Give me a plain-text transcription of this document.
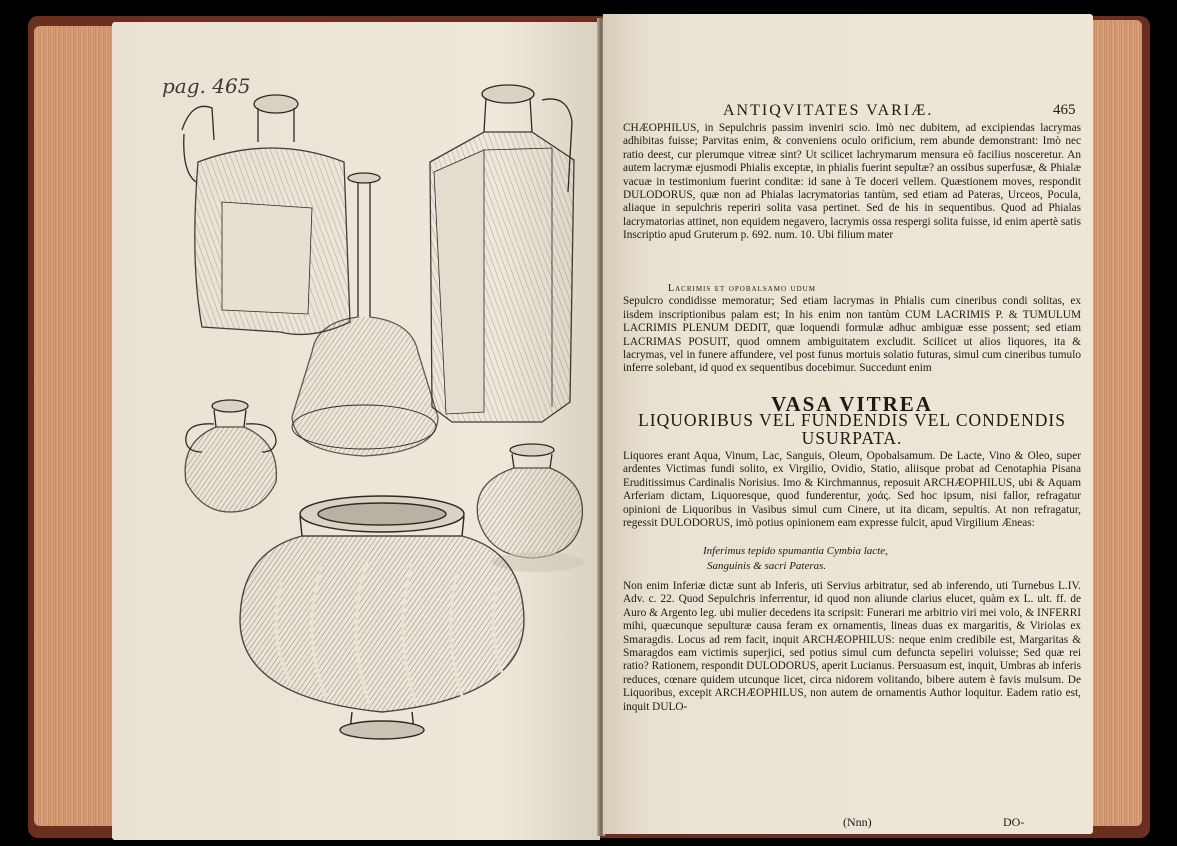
pag. 465
ANTIQVITATES VARIÆ.	465
CHÆOPHILUS, in Sepulchris passim inveniri scio. Imò nec dubitem, ad excipiendas lacrymas adhibitas fuisse; Parvitas enim, & conveniens oculo orificium, rem abunde demonstrant: Imò nec ratio deest, cur plerumque vitreæ sint? Ut scilicet lachrymarum mensura eò facilius nosceretur. An autem lacrymæ ejusmodi Phialis exceptæ, in phialis fuerint sepultæ? an ossibus superfusæ, & Phialæ vacuæ in testimonium fuerint conditæ: id sane à Te doceri vellem. Quæstionem moves, respondit DULODORUS, quæ non ad Phialas lacrymatorias tantùm, sed etiam ad Pateras, Urceos, Pocula, aliaque in sepulchris reperiri solita vasa pertinet. Sed de his in sequentibus. Quod ad Phialas lacrymatorias attinet, non equidem negavero, lacrymis ossa respergi solita fuisse, id enim apertè satis Inscriptio apud Gruterum p. 692. num. 10. Ubi filium mater
Lacrimis et opobalsamo udum
Sepulcro condidisse memoratur; Sed etiam lacrymas in Phialis cum cineribus condi solitas, ex iisdem inscriptionibus palam est; In his enim non tantùm CUM LACRIMIS P. & TUMULUM LACRIMIS PLENUM DEDIT, quæ loquendi formulæ adhuc ambiguæ esse possent; sed etiam LACRIMAS POSUIT, quod omnem ambiguitatem excludit. Scilicet ut alios liquores, ita & lacrymas, vel in funere affundere, vel post funus mortuis solatio futuras, simul cum cineribus tumulo inferre solebant, id quod ex sequentibus docebimur. Succedunt enim
VASA VITREA
LIQUORIBUS VEL FUNDENDIS VEL CONDENDIS USURPATA.
Liquores erant Aqua, Vinum, Lac, Sanguis, Oleum, Opobalsamum. De Lacte, Vino & Oleo, super ardentes Victimas fundi solito, ex Virgilio, Ovidio, Statio, aliisque probat ad Cenotaphia Pisana Eruditissimus Cardinalis Norisius. Imo & Kirchmannus, reposuit ARCHÆOPHILUS, ubi & Aquam Arferiam dictam, Liquoresque, quod funderentur, χοάς. Sed hoc ipsum, nisi fallor, refragatur opinioni de Liquoribus in Vasibus simul cum Cinere, ut ita dicam, sepultis. At non refragatur, regessit DULODORUS, imò potius opinionem eam expresse fulcit, apud Virgilium Æneas:
Inferimus tepido spumantia Cymbia lacte,
Sanguinis & sacri Pateras.
Non enim Inferiæ dictæ sunt ab Inferis, uti Servius arbitratur, sed ab inferendo, uti Turnebus L.IV. Adv. c. 22. Quod Sepulchris inferrentur, id quod non aliunde clarius elucet, quàm ex L. ult. ff. de Auro & Argento leg. ubi mulier decedens ita scripsit: Funerari me arbitrio viri mei volo, & INFERRI mihi, quæcunque sepulturæ causa feram ex ornamentis, lineas duas ex margaritis, & Viriolas ex Smaragdis. Locus ad rem facit, inquit ARCHÆOPHILUS: neque enim credibile est, Margaritas & Smaragdos eam victimis superjici, sed potius simul cum defuncta sepeliri voluisse; Sed quæ rei ratio? Rationem, respondit DULODORUS, aperit Lucianus. Persuasum est, inquit, Umbras ab inferis reduces, cœnare quidem utcunque licet, circa nidorem volitando, bibere autem è favis mulsum. De Liquoribus, excepit ARCHÆOPHILUS, non autem de ornamentis Author loquitur. Eadem ratio est, inquit DULO-
(Nnn)	DO-
